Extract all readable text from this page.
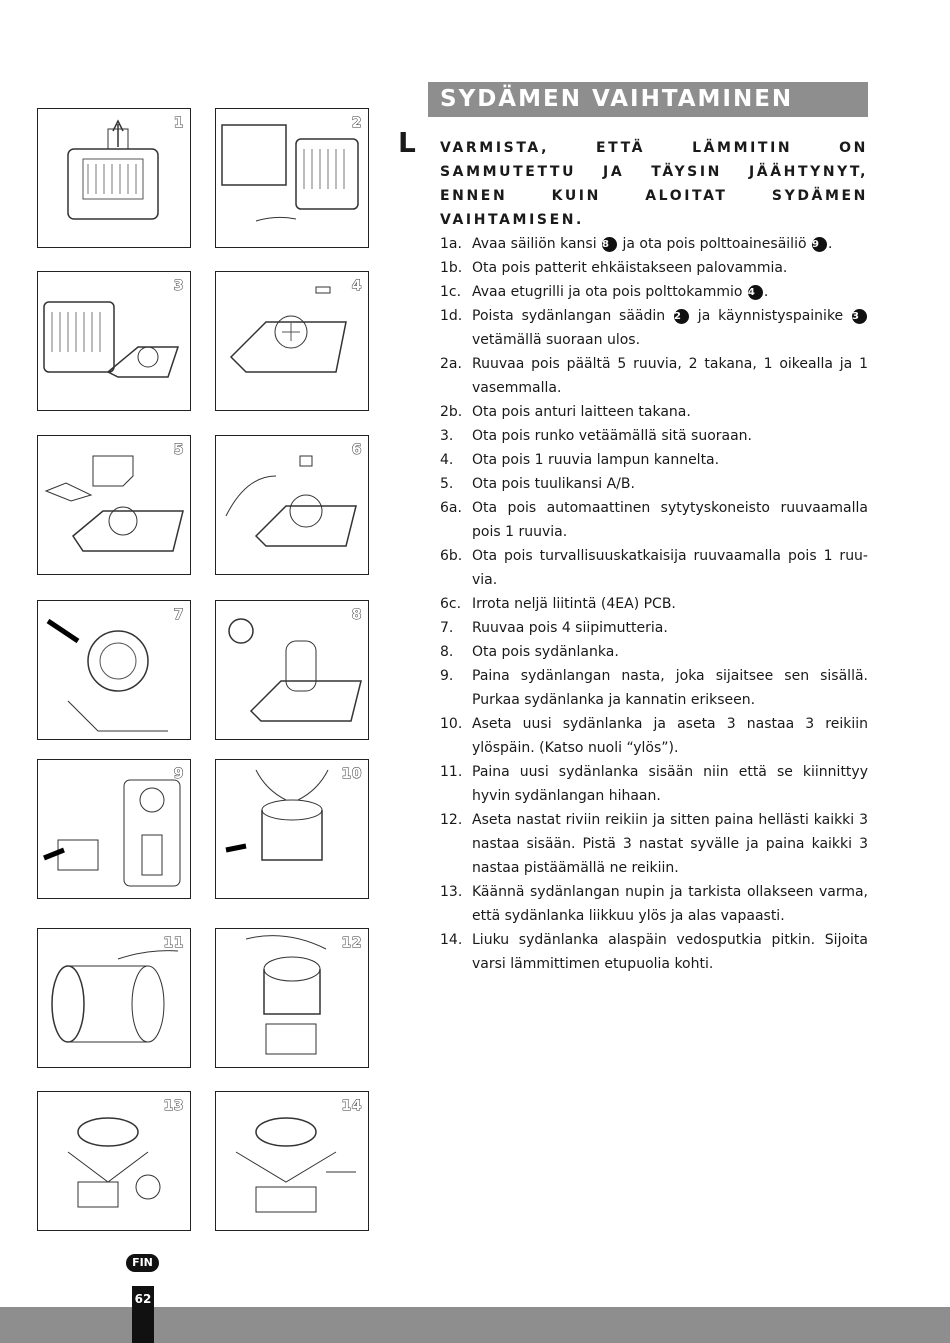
SYDÄMEN VAIHTAMINEN
L VARMISTA, ETTÄ LÄMMITIN ON SAMMUTETTU JA TÄYSIN JÄÄHTYNYT, ENNEN KUIN ALOITAT SYDÄMEN VAIHTAMISEN.
1a. Avaa säiliön kansi 8 ja ota pois polttoainesäiliö 9 .
1b. Ota pois patterit ehkäistakseen palovammia.
1c. Avaa etugrilli ja ota pois polttokammio 4 .
1d. Poista sydänlangan säädin 2 ja käynnistyspainike 3 vetämällä suoraan ulos.
2a. Ruuvaa pois päältä 5 ruuvia, 2 takana, 1 oikealla ja 1 vasemmalla.
2b. Ota pois anturi laitteen takana.
3.	Ota pois runko vetäämällä sitä suoraan.
4.	Ota pois 1 ruuvia lampun kannelta.
5.	Ota pois tuulikansi A/B.
6a. Ota pois automaattinen sytytyskoneisto ruuvaamalla pois 1 ruuvia.
6b. Ota pois turvallisuuskatkaisija ruuvaamalla pois 1 ruu-via.
6c. Irrota neljä liitintä (4EA) PCB.
7.	Ruuvaa pois 4 siipimutteria.
8.	Ota pois sydänlanka.
9.	Paina sydänlangan nasta, joka sijaitsee sen sisällä. Purkaa sydänlanka ja kannatin erikseen.
10. Aseta uusi sydänlanka ja aseta 3 nastaa 3 reikiin ylöspäin. (Katso nuoli “ylös”).
11. Paina uusi sydänlanka sisään niin että se kiinnittyy hyvin sydänlangan hihaan.
12. Aseta nastat riviin reikiin ja sitten paina hellästi kaikki 3 nastaa sisään. Pistä 3 nastat syvälle ja paina kaikki 3 nastaa pistäämällä ne reikiin.
13. Käännä sydänlangan nupin ja tarkista ollakseen varma, että sydänlanka liikkuu ylös ja alas vapaasti.
14. Liuku sydänlanka alaspäin vedosputkia pitkin. Sijoita varsi lämmittimen etupuolia kohti.
1	2
3	4
5	6
7	8
9	10
11	12
13	14
FIN
62
